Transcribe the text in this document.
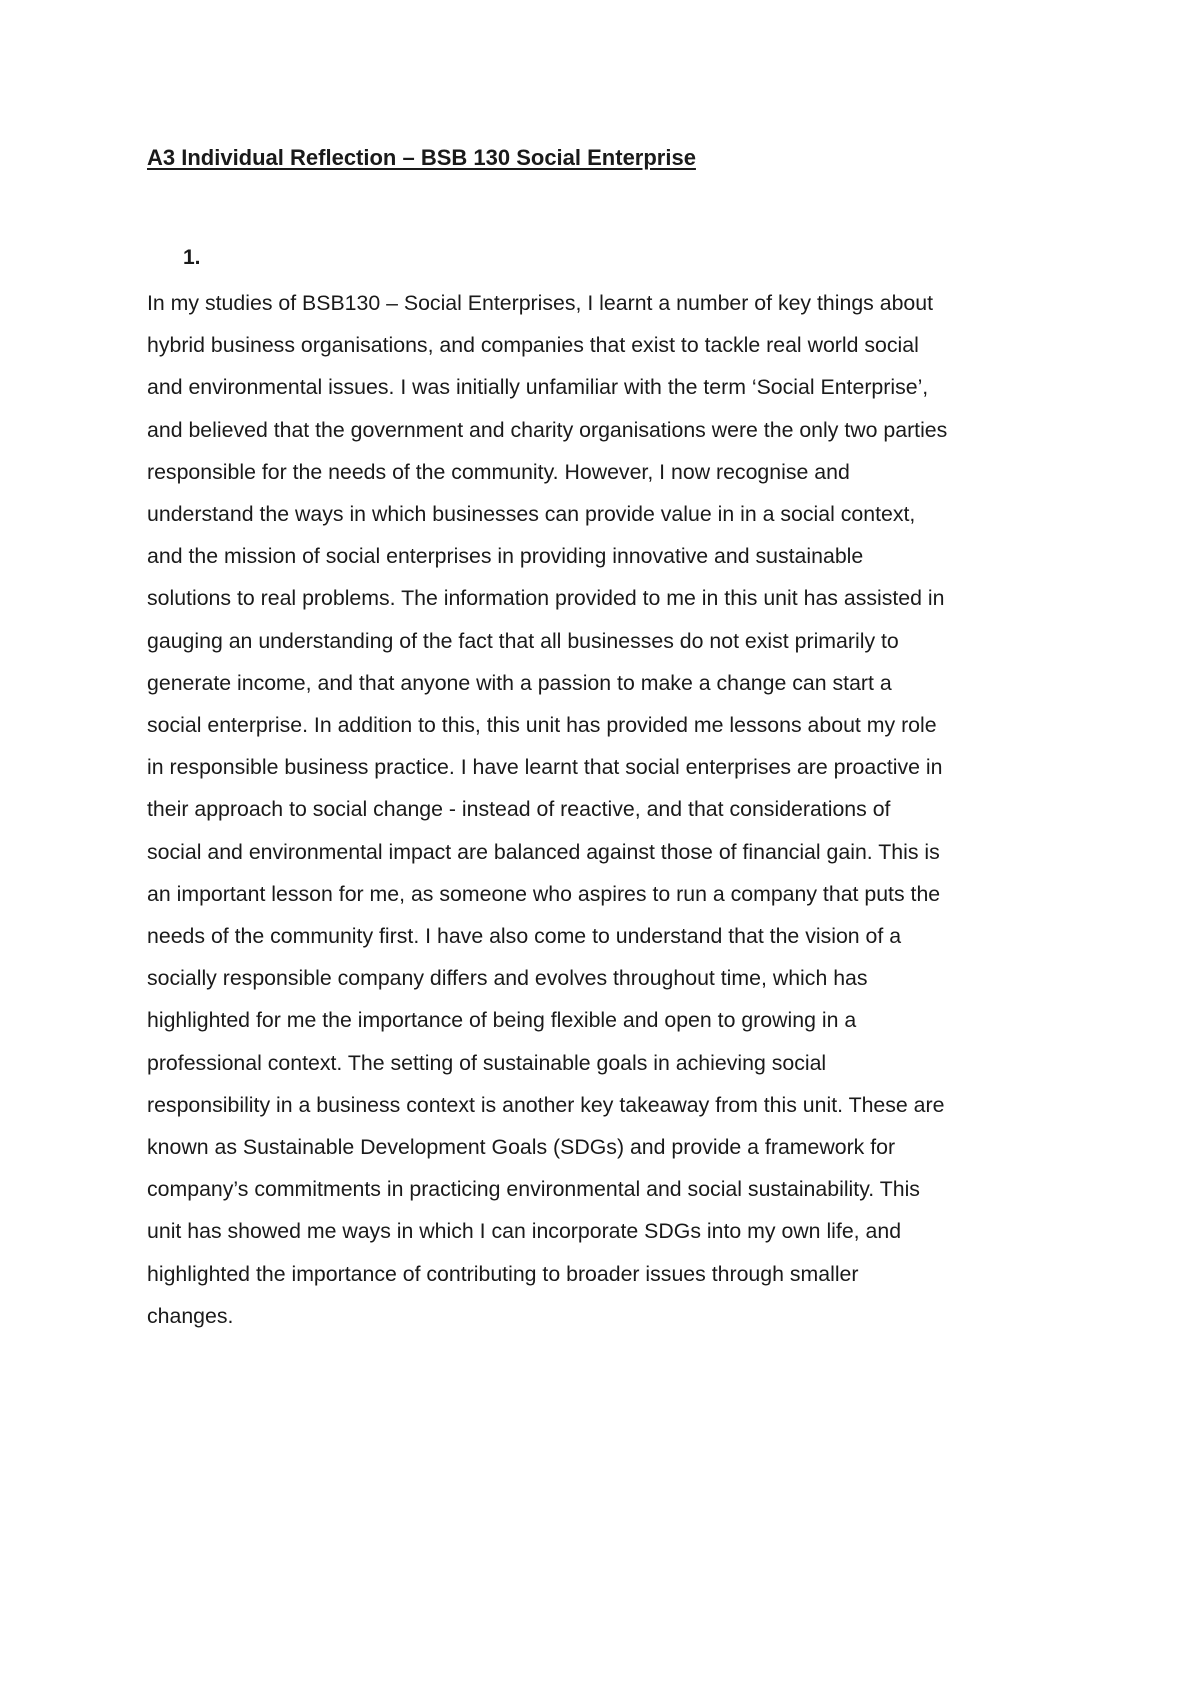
A3 Individual Reflection – BSB 130 Social Enterprise

1.

In my studies of BSB130 – Social Enterprises, I learnt a number of key things about
hybrid business organisations, and companies that exist to tackle real world social
and environmental issues. I was initially unfamiliar with the term ‘Social Enterprise’,
and believed that the government and charity organisations were the only two parties
responsible for the needs of the community. However, I now recognise and
understand the ways in which businesses can provide value in in a social context,
and the mission of social enterprises in providing innovative and sustainable
solutions to real problems. The information provided to me in this unit has assisted in
gauging an understanding of the fact that all businesses do not exist primarily to
generate income, and that anyone with a passion to make a change can start a
social enterprise. In addition to this, this unit has provided me lessons about my role
in responsible business practice. I have learnt that social enterprises are proactive in
their approach to social change - instead of reactive, and that considerations of
social and environmental impact are balanced against those of financial gain. This is
an important lesson for me, as someone who aspires to run a company that puts the
needs of the community first. I have also come to understand that the vision of a
socially responsible company differs and evolves throughout time, which has
highlighted for me the importance of being flexible and open to growing in a
professional context. The setting of sustainable goals in achieving social
responsibility in a business context is another key takeaway from this unit. These are
known as Sustainable Development Goals (SDGs) and provide a framework for
company’s commitments in practicing environmental and social sustainability. This
unit has showed me ways in which I can incorporate SDGs into my own life, and
highlighted the importance of contributing to broader issues through smaller
changes.
